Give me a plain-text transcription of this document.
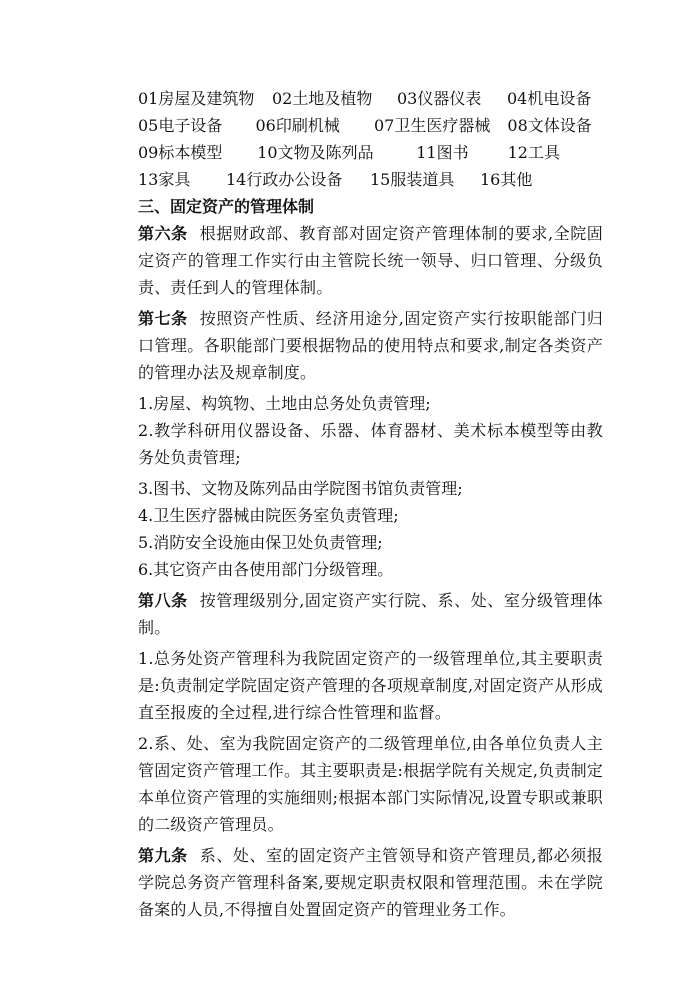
01房屋及建筑物	02土地及植物	03仪器仪表	04机电设备
05电子设备	06印刷机械	07卫生医疗器械	08文体设备
09标本模型	10文物及陈列品	11图书	12工具
13家具	14行政办公设备	15服装道具	16其他

三、固定资产的管理体制

第六条 根据财政部、教育部对固定资产管理体制的要求,全院固定资产的管理工作实行由主管院长统一领导、归口管理、分级负责、责任到人的管理体制。

第七条 按照资产性质、经济用途分,固定资产实行按职能部门归口管理。各职能部门要根据物品的使用特点和要求,制定各类资产的管理办法及规章制度。

1.房屋、构筑物、土地由总务处负责管理;

2.教学科研用仪器设备、乐器、体育器材、美术标本模型等由教务处负责管理;

3.图书、文物及陈列品由学院图书馆负责管理;

4.卫生医疗器械由院医务室负责管理;

5.消防安全设施由保卫处负责管理;

6.其它资产由各使用部门分级管理。

第八条 按管理级别分,固定资产实行院、系、处、室分级管理体制。

1.总务处资产管理科为我院固定资产的一级管理单位,其主要职责是:负责制定学院固定资产管理的各项规章制度,对固定资产从形成直至报废的全过程,进行综合性管理和监督。

2.系、处、室为我院固定资产的二级管理单位,由各单位负责人主管固定资产管理工作。其主要职责是:根据学院有关规定,负责制定本单位资产管理的实施细则;根据本部门实际情况,设置专职或兼职的二级资产管理员。

第九条 系、处、室的固定资产主管领导和资产管理员,都必须报学院总务资产管理科备案,要规定职责权限和管理范围。未在学院备案的人员,不得擅自处置固定资产的管理业务工作。
